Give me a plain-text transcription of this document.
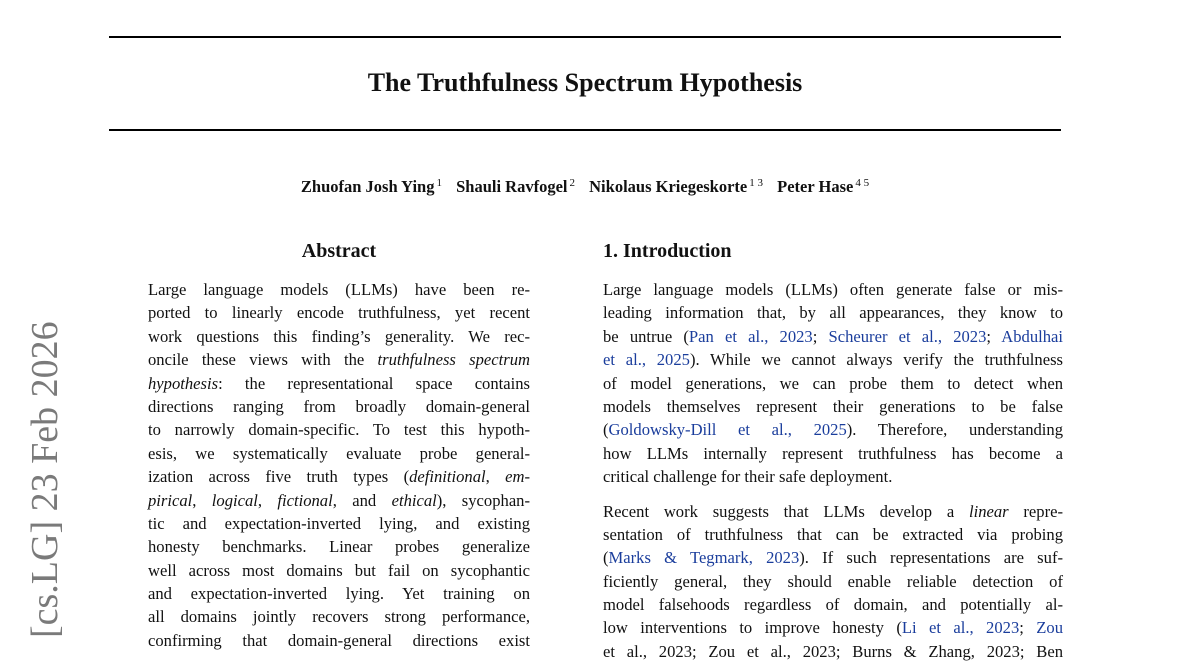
The Truthfulness Spectrum Hypothesis
Zhuofan Josh Ying $^1$ Shauli Ravfogel $^2$ Nikolaus Kriegeskorte $^{1 3}$ Peter Hase $^{4 5}$
[cs.LG] 23 Feb 2026
Abstract
Large language models (LLMs) have been re-
ported to linearly encode truthfulness, yet recent
work questions this finding’s generality. We rec-
oncile these views with the truthfulness spectrum
hypothesis: the representational space contains
directions ranging from broadly domain-general
to narrowly domain-specific. To test this hypoth-
esis, we systematically evaluate probe general-
ization across five truth types (definitional, em-
pirical, logical, fictional, and ethical), sycophan-
tic and expectation-inverted lying, and existing
honesty benchmarks. Linear probes generalize
well across most domains but fail on sycophantic
and expectation-inverted lying. Yet training on
all domains jointly recovers strong performance,
confirming that domain-general directions exist
1. Introduction
Large language models (LLMs) often generate false or mis-
leading information that, by all appearances, they know to
be untrue (Pan et al., 2023; Scheurer et al., 2023; Abdulhai
et al., 2025). While we cannot always verify the truthfulness
of model generations, we can probe them to detect when
models themselves represent their generations to be false
(Goldowsky-Dill et al., 2025). Therefore, understanding
how LLMs internally represent truthfulness has become a
critical challenge for their safe deployment.
Recent work suggests that LLMs develop a linear repre-
sentation of truthfulness that can be extracted via probing
(Marks & Tegmark, 2023). If such representations are suf-
ficiently general, they should enable reliable detection of
model falsehoods regardless of domain, and potentially al-
low interventions to improve honesty (Li et al., 2023; Zou
et al., 2023; Zou et al., 2023; Burns & Zhang, 2023; Ben
